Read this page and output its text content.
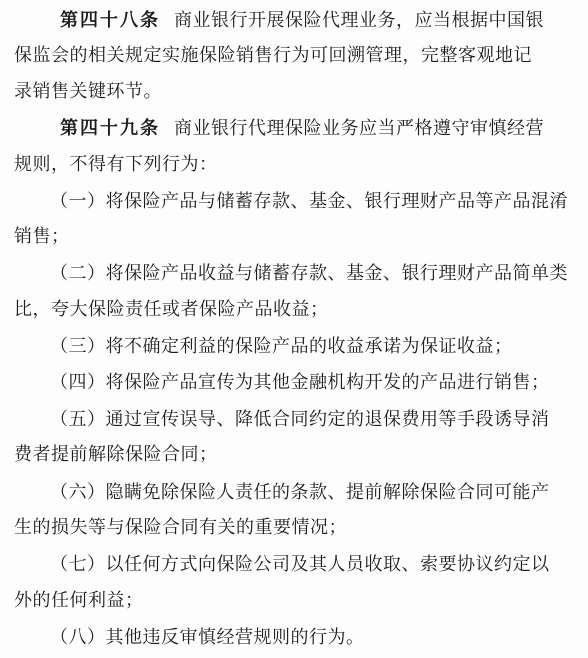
第四十八条 商业银行开展保险代理业务，应当根据中国银
保监会的相关规定实施保险销售行为可回溯管理，完整客观地记
录销售关键环节。
第四十九条 商业银行代理保险业务应当严格遵守审慎经营
规则，不得有下列行为：
（一）将保险产品与储蓄存款、基金、银行理财产品等产品混淆
销售；
（二）将保险产品收益与储蓄存款、基金、银行理财产品简单类
比，夸大保险责任或者保险产品收益；
（三）将不确定利益的保险产品的收益承诺为保证收益；
（四）将保险产品宣传为其他金融机构开发的产品进行销售；
（五）通过宣传误导、降低合同约定的退保费用等手段诱导消
费者提前解除保险合同；
（六）隐瞒免除保险人责任的条款、提前解除保险合同可能产
生的损失等与保险合同有关的重要情况；
（七）以任何方式向保险公司及其人员收取、索要协议约定以
外的任何利益；
（八）其他违反审慎经营规则的行为。
